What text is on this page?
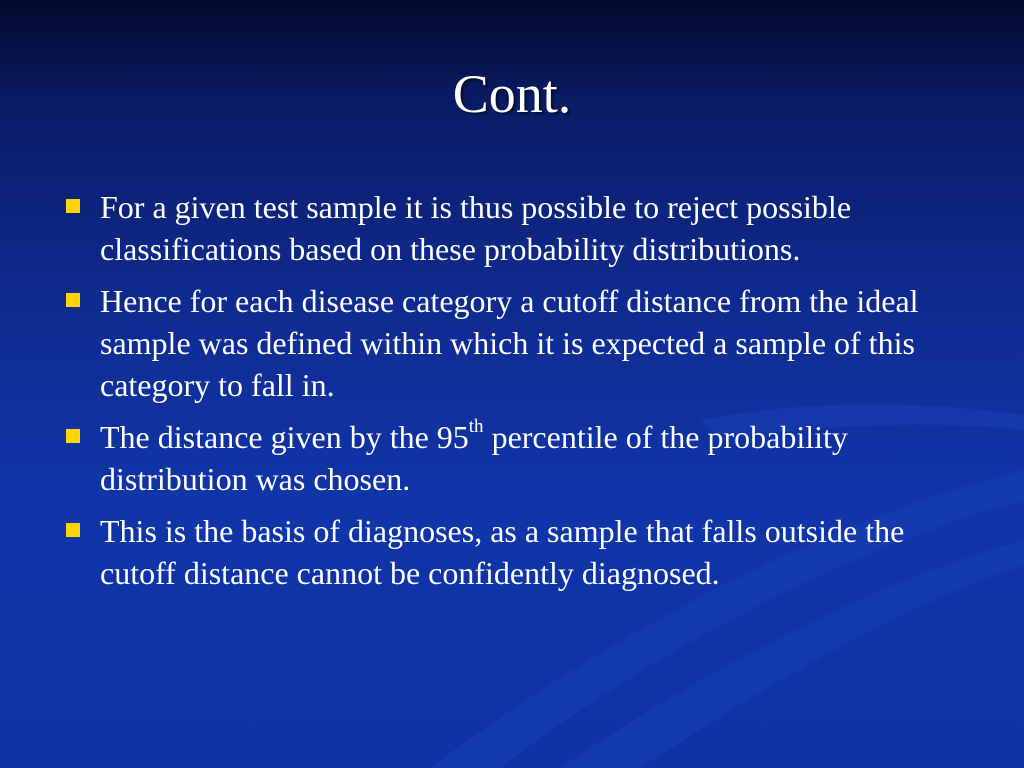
Cont.
For a given test sample it is thus possible to reject possible classifications based on these probability distributions.
Hence for each disease category a cutoff distance from the ideal sample was defined within which it is expected a sample of this category to fall in.
The distance given by the 95th percentile of the probability distribution was chosen.
This is the basis of diagnoses, as a sample that falls outside the cutoff distance cannot be confidently diagnosed.
